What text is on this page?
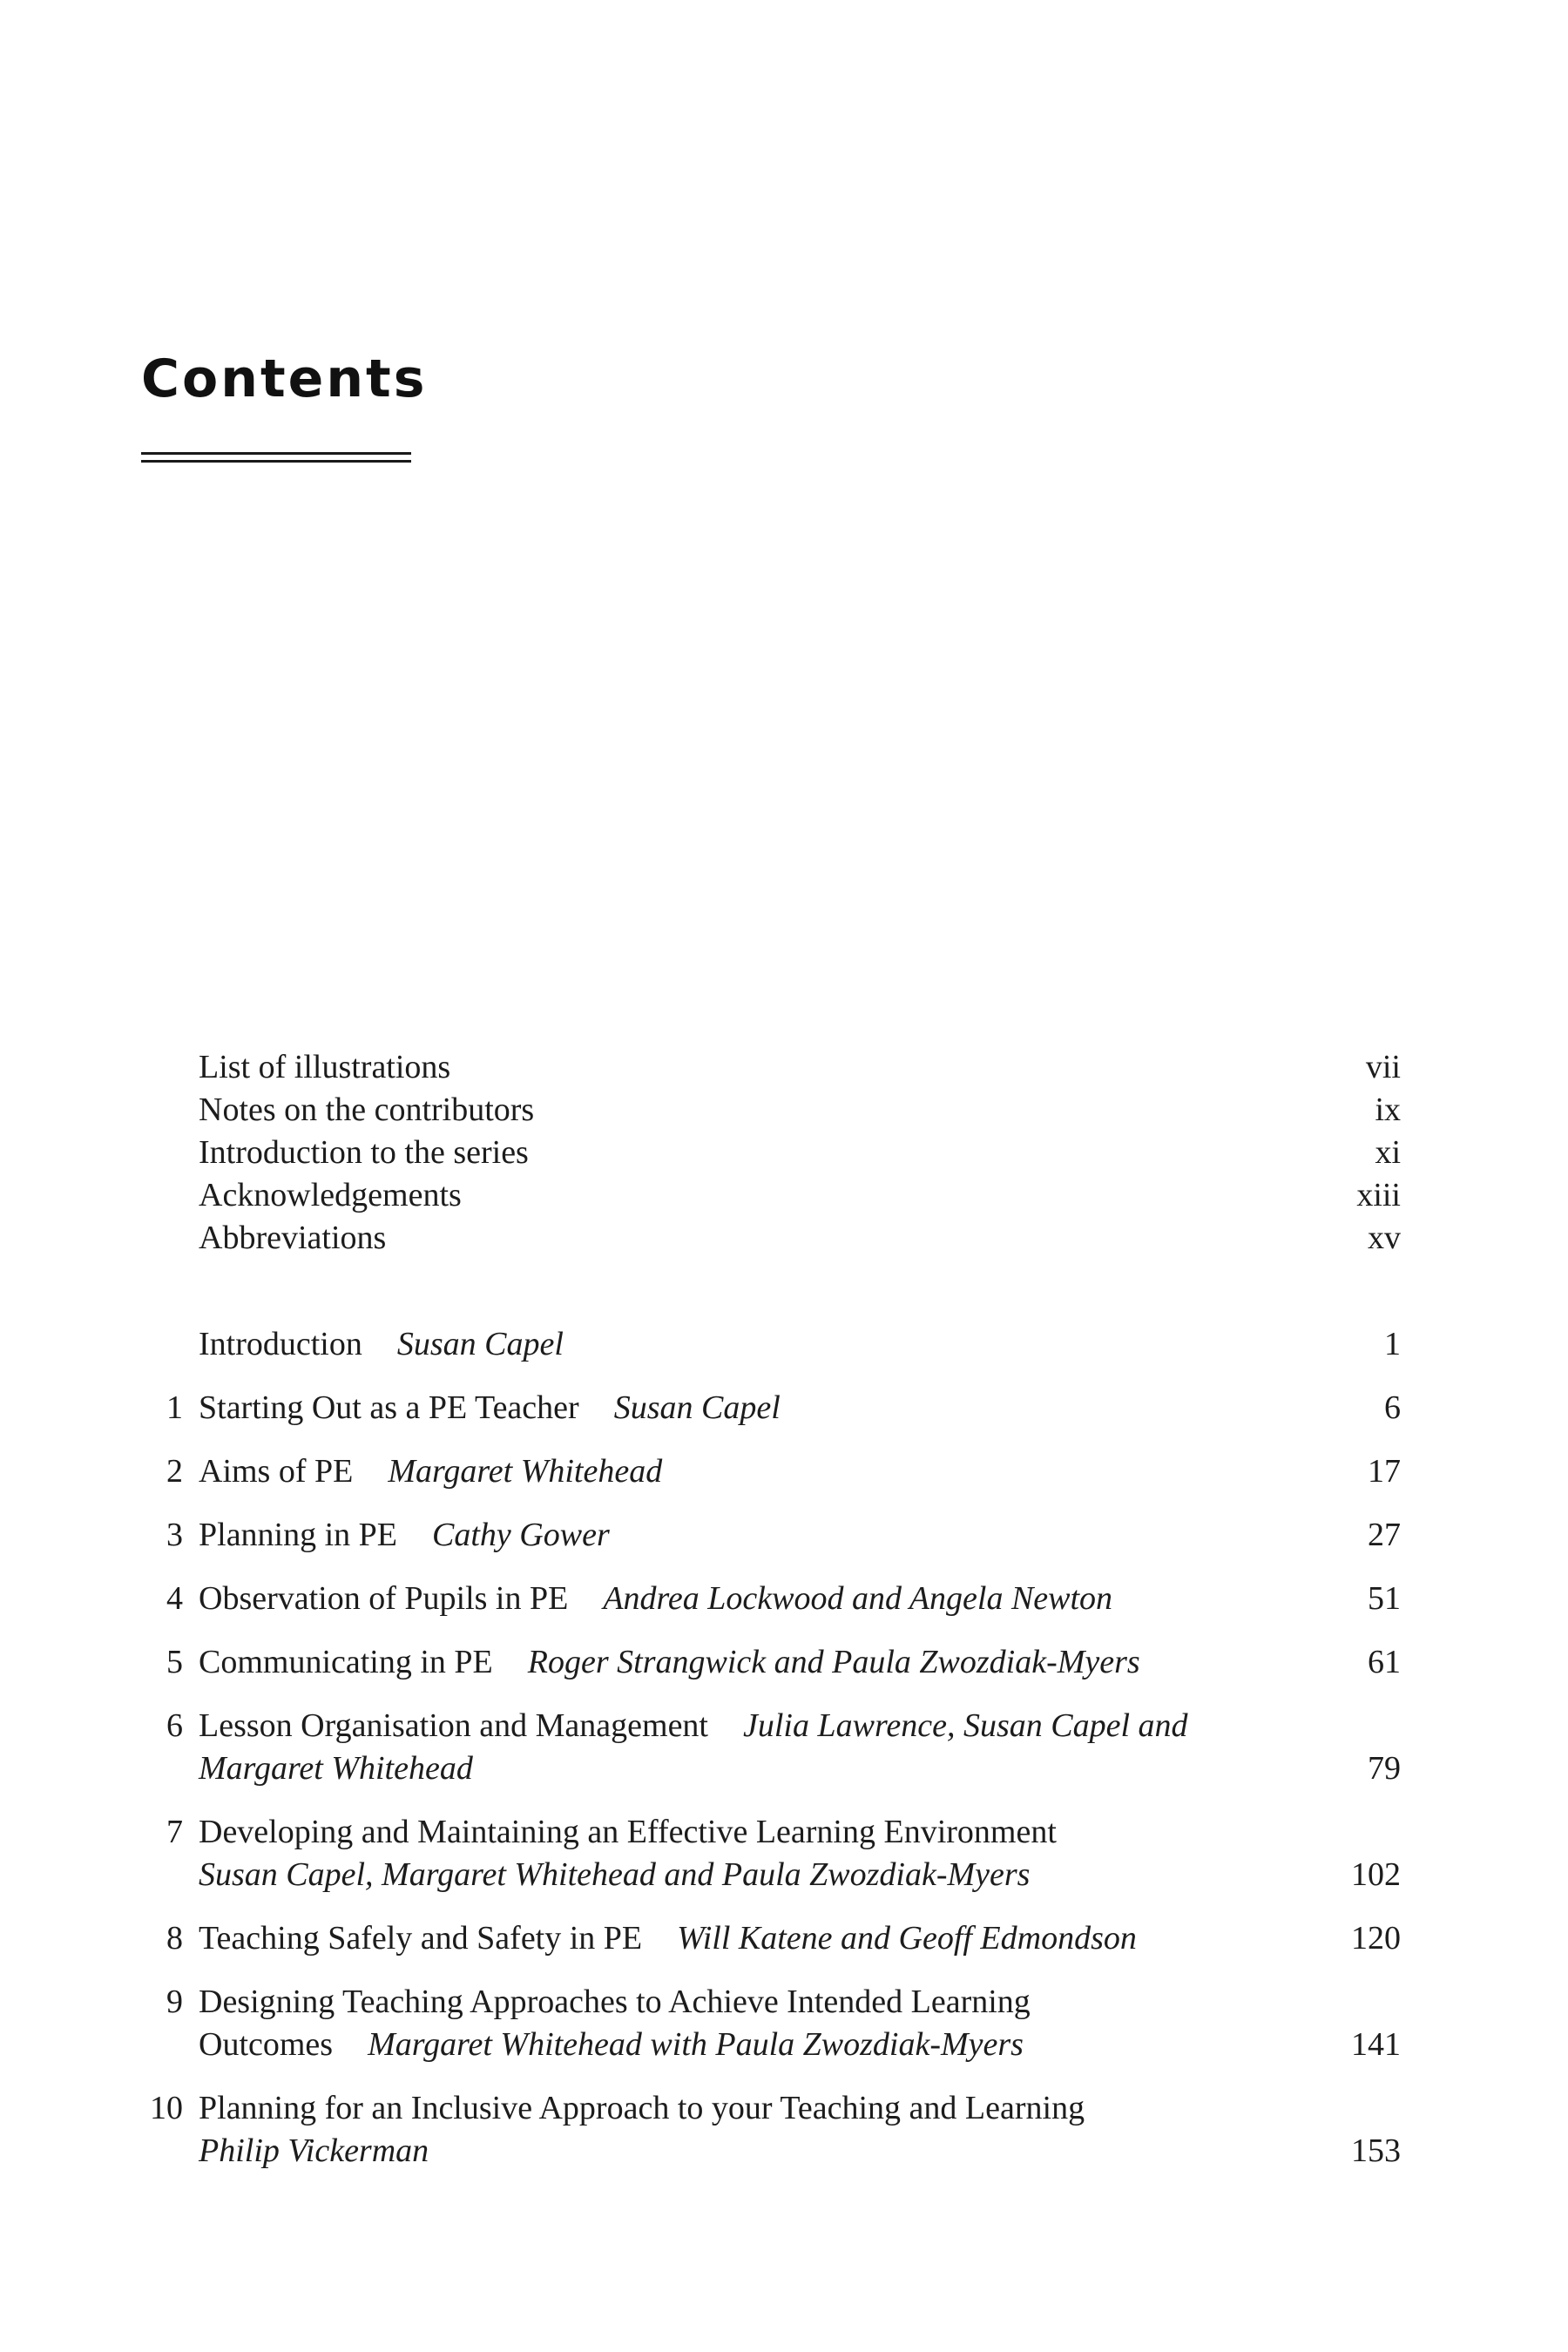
Contents
List of illustrations	vii
Notes on the contributors	ix
Introduction to the series	xi
Acknowledgements	xiii
Abbreviations	xv
Introduction Susan Capel	1
1 Starting Out as a PE Teacher Susan Capel	6
2 Aims of PE Margaret Whitehead	17
3 Planning in PE Cathy Gower	27
4 Observation of Pupils in PE Andrea Lockwood and Angela Newton	51
5 Communicating in PE Roger Strangwick and Paula Zwozdiak-Myers	61
6 Lesson Organisation and Management Julia Lawrence, Susan Capel and Margaret Whitehead	79
7 Developing and Maintaining an Effective Learning Environment
Susan Capel, Margaret Whitehead and Paula Zwozdiak-Myers	102
8 Teaching Safely and Safety in PE Will Katene and Geoff Edmondson	120
9 Designing Teaching Approaches to Achieve Intended Learning Outcomes Margaret Whitehead with Paula Zwozdiak-Myers	141
10 Planning for an Inclusive Approach to your Teaching and Learning
Philip Vickerman	153
